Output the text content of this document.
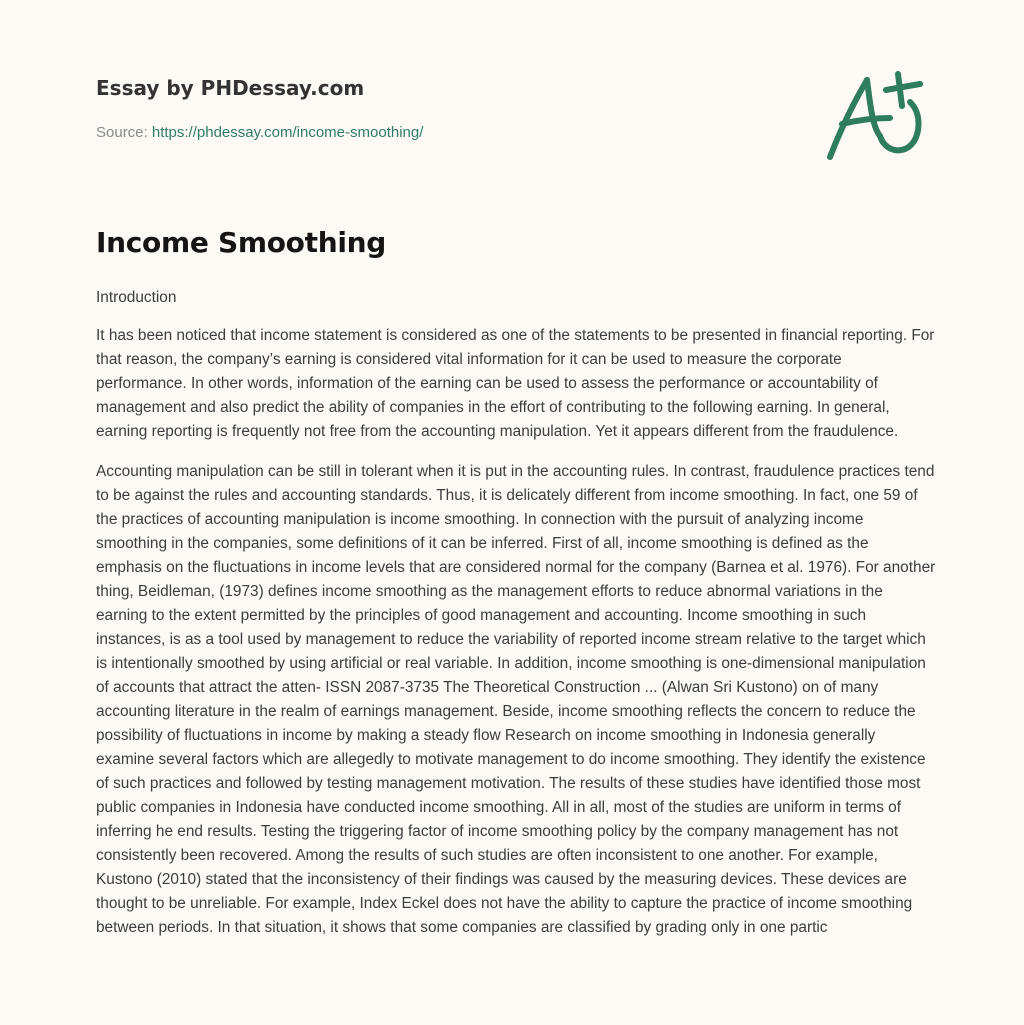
Essay by PHDessay.com
Source: https://phdessay.com/income-smoothing/
Income Smoothing

Introduction

It has been noticed that income statement is considered as one of the statements to be presented in financial reporting. For that reason, the company’s earning is considered vital information for it can be used to measure the corporate performance. In other words, information of the earning can be used to assess the performance or accountability of management and also predict the ability of companies in the effort of contributing to the following earning. In general, earning reporting is frequently not free from the accounting manipulation. Yet it appears different from the fraudulence.

Accounting manipulation can be still in tolerant when it is put in the accounting rules. In contrast, fraudulence practices tend to be against the rules and accounting standards. Thus, it is delicately different from income smoothing. In fact, one 59 of the practices of accounting manipulation is income smoothing. In connection with the pursuit of analyzing income smoothing in the companies, some definitions of it can be inferred. First of all, income smoothing is defined as the emphasis on the fluctuations in income levels that are considered normal for the company (Barnea et al. 1976). For another thing, Beidleman, (1973) defines income smoothing as the management efforts to reduce abnormal variations in the earning to the extent permitted by the principles of good management and accounting. Income smoothing in such instances, is as a tool used by management to reduce the variability of reported income stream relative to the target which is intentionally smoothed by using artificial or real variable. In addition, income smoothing is one-dimensional manipulation of accounts that attract the atten- ISSN 2087-3735 The Theoretical Construction ... (Alwan Sri Kustono) on of many accounting literature in the realm of earnings management. Beside, income smoothing reflects the concern to reduce the possibility of fluctuations in income by making a steady flow Research on income smoothing in Indonesia generally examine several factors which are allegedly to motivate management to do income smoothing. They identify the existence of such practices and followed by testing management motivation. The results of these studies have identified those most public companies in Indonesia have conducted income smoothing. All in all, most of the studies are uniform in terms of inferring he end results. Testing the triggering factor of income smoothing policy by the company management has not consistently been recovered. Among the results of such studies are often inconsistent to one another. For example, Kustono (2010) stated that the inconsistency of their findings was caused by the measuring devices. These devices are thought to be unreliable. For example, Index Eckel does not have the ability to capture the practice of income smoothing between periods. In that situation, it shows that some companies are classified by grading only in one partic
